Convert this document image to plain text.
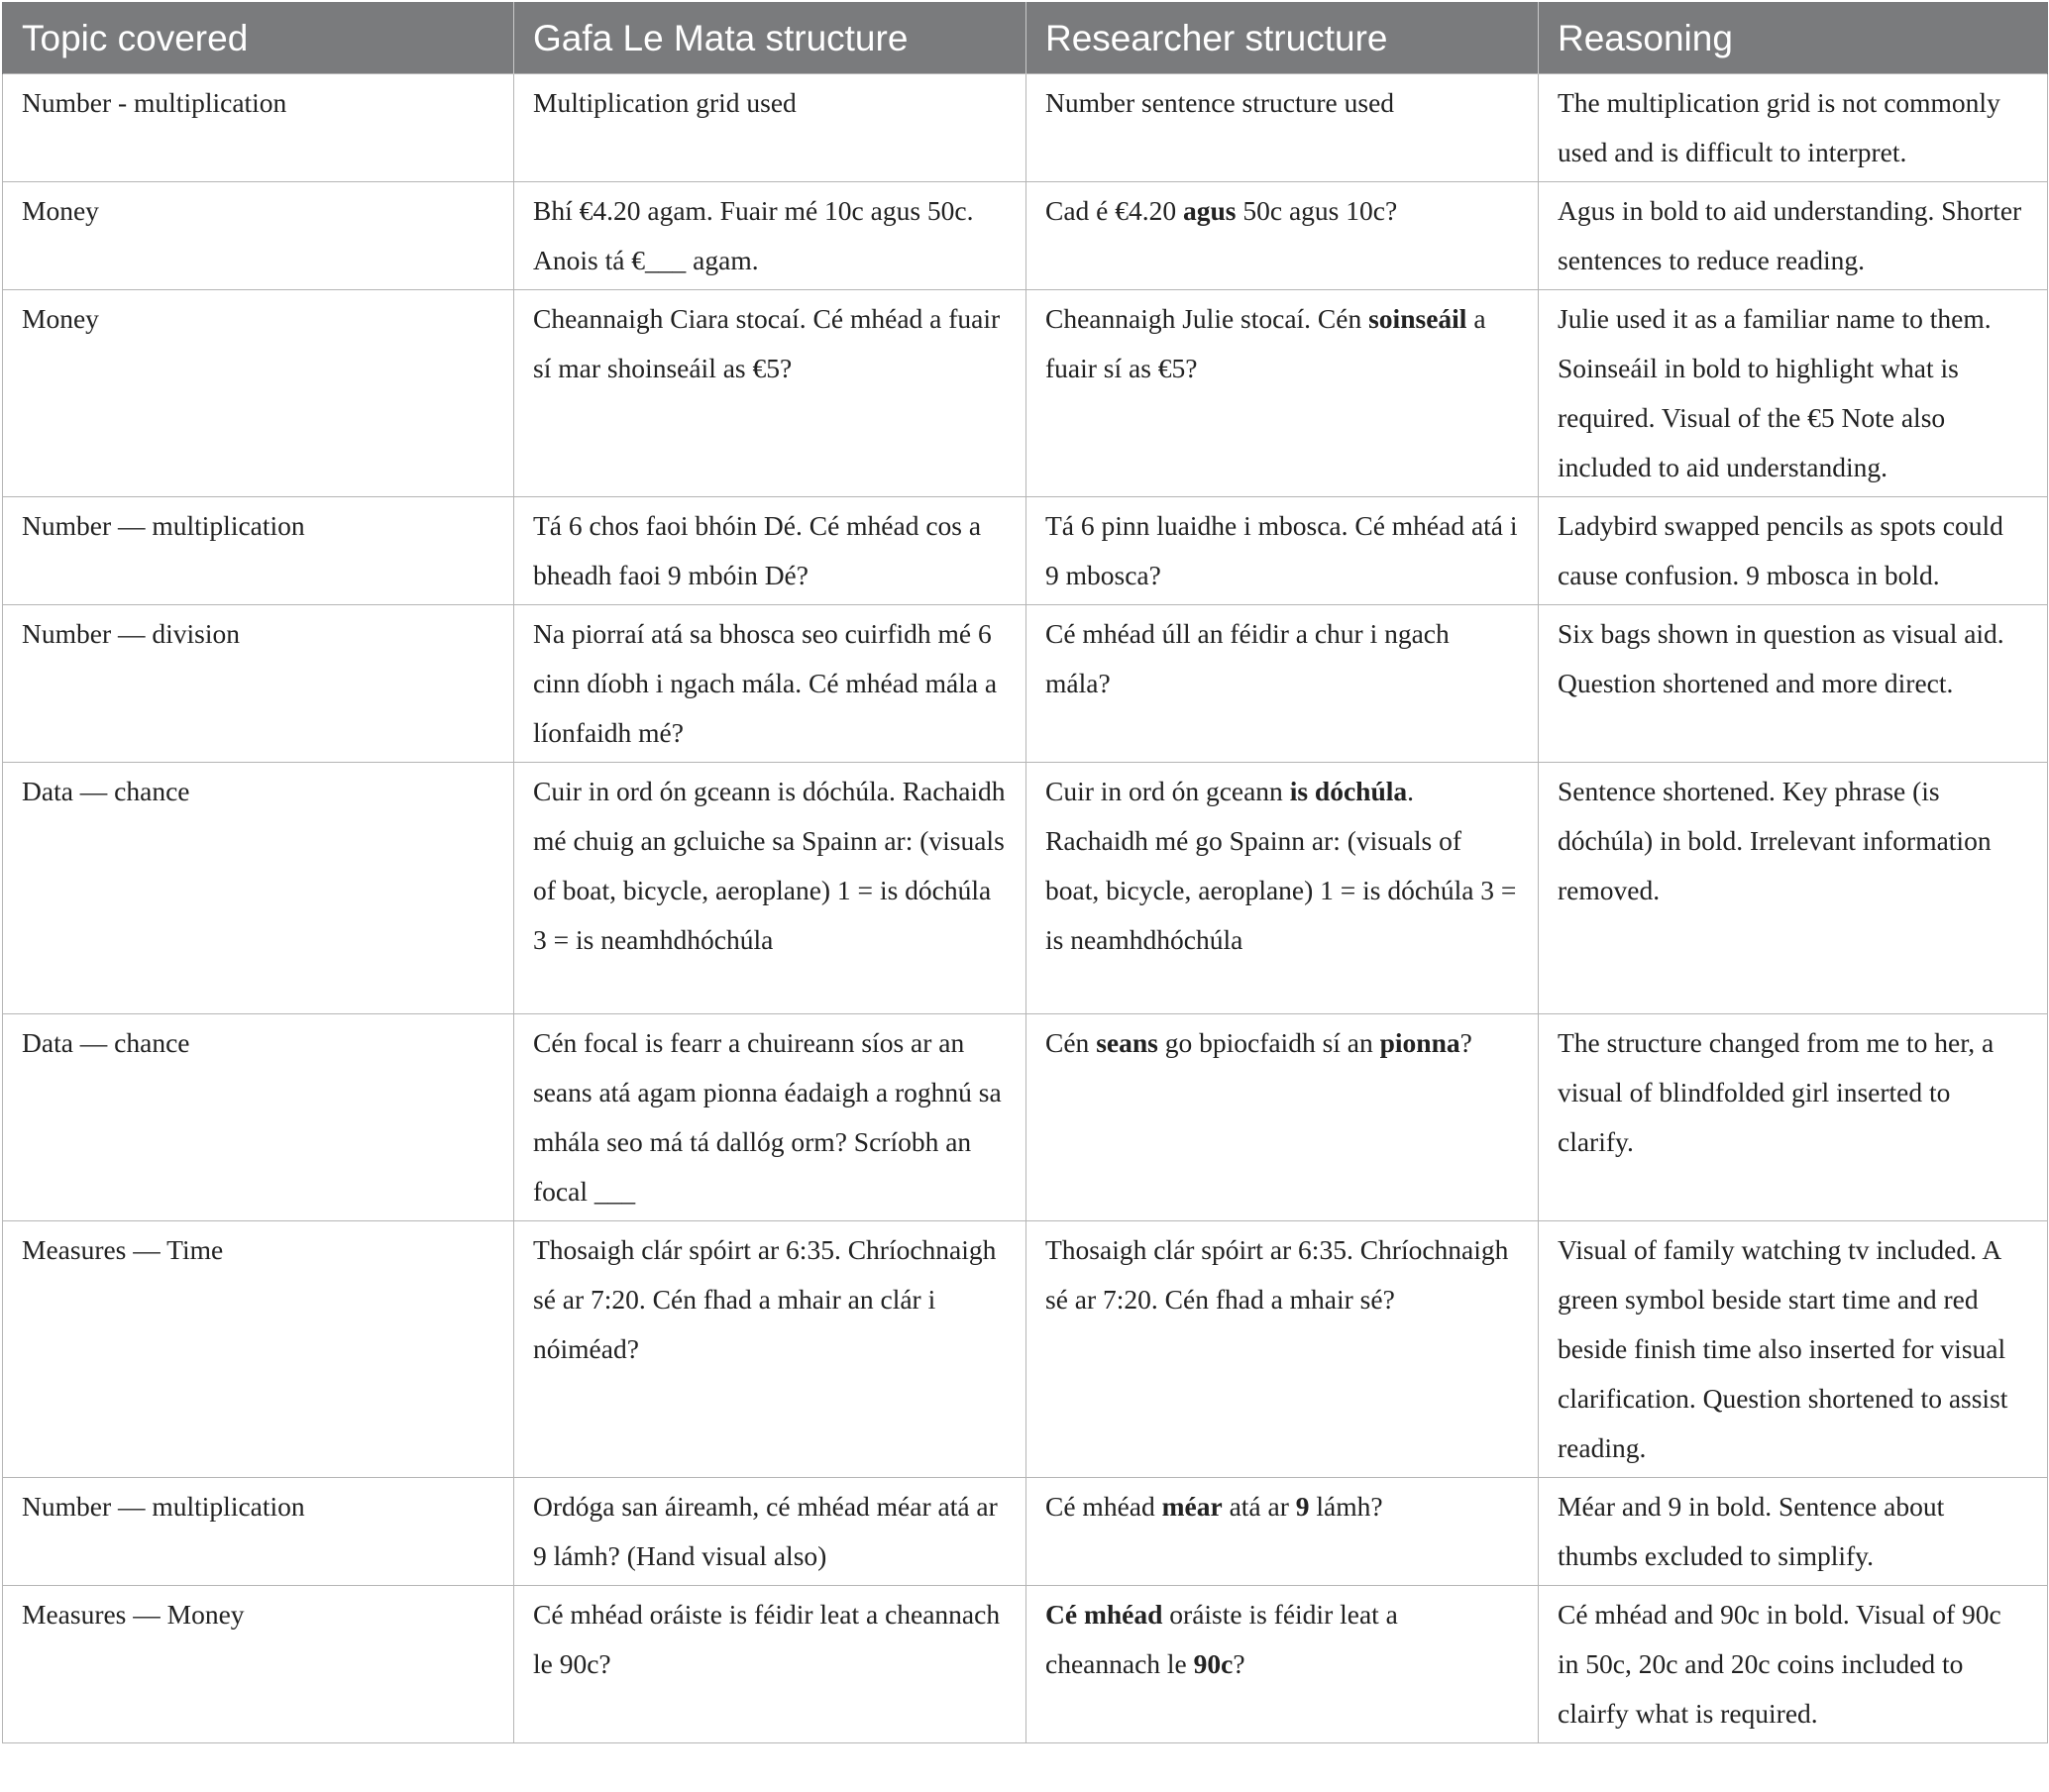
Topic covered	Gafa Le Mata structure	Researcher structure	Reasoning
Number - multiplication	Multiplication grid used	Number sentence structure used	The multiplication grid is not commonly used and is difficult to interpret.
Money	Bhí €4.20 agam. Fuair mé 10c agus 50c. Anois tá €___ agam.	Cad é €4.20 agus 50c agus 10c?	Agus in bold to aid understanding. Shorter sentences to reduce reading.
Money	Cheannaigh Ciara stocaí. Cé mhéad a fuair sí mar shoinseáil as €5?	Cheannaigh Julie stocaí. Cén soinseáil a fuair sí as €5?	Julie used it as a familiar name to them. Soinseáil in bold to highlight what is required. Visual of the €5 Note also included to aid understanding.
Number — multiplication	Tá 6 chos faoi bhóin Dé. Cé mhéad cos a bheadh faoi 9 mbóin Dé?	Tá 6 pinn luaidhe i mbosca. Cé mhéad atá i 9 mbosca?	Ladybird swapped pencils as spots could cause confusion. 9 mbosca in bold.
Number — division	Na piorraí atá sa bhosca seo cuirfidh mé 6 cinn díobh i ngach mála. Cé mhéad mála a líonfaidh mé?	Cé mhéad úll an féidir a chur i ngach mála?	Six bags shown in question as visual aid. Question shortened and more direct.
Data — chance	Cuir in ord ón gceann is dóchúla. Rachaidh mé chuig an gcluiche sa Spainn ar: (visuals of boat, bicycle, aeroplane) 1 = is dóchúla 3 = is neamhdhóchúla	Cuir in ord ón gceann is dóchúla. Rachaidh mé go Spainn ar: (visuals of boat, bicycle, aeroplane) 1 = is dóchúla 3 = is neamhdhóchúla	Sentence shortened. Key phrase (is dóchúla) in bold. Irrelevant information removed.
Data — chance	Cén focal is fearr a chuireann síos ar an seans atá agam pionna éadaigh a roghnú sa mhála seo má tá dallóg orm? Scríobh an focal ___	Cén seans go bpiocfaidh sí an pionna?	The structure changed from me to her, a visual of blindfolded girl inserted to clarify.
Measures — Time	Thosaigh clár spóirt ar 6:35. Chríochnaigh sé ar 7:20. Cén fhad a mhair an clár i nóiméad?	Thosaigh clár spóirt ar 6:35. Chríochnaigh sé ar 7:20. Cén fhad a mhair sé?	Visual of family watching tv included. A green symbol beside start time and red beside finish time also inserted for visual clarification. Question shortened to assist reading.
Number — multiplication	Ordóga san áireamh, cé mhéad méar atá ar 9 lámh? (Hand visual also)	Cé mhéad méar atá ar 9 lámh?	Méar and 9 in bold. Sentence about thumbs excluded to simplify.
Measures — Money	Cé mhéad oráiste is féidir leat a cheannach le 90c?	Cé mhéad oráiste is féidir leat a cheannach le 90c?	Cé mhéad and 90c in bold. Visual of 90c in 50c, 20c and 20c coins included to clairfy what is required.
